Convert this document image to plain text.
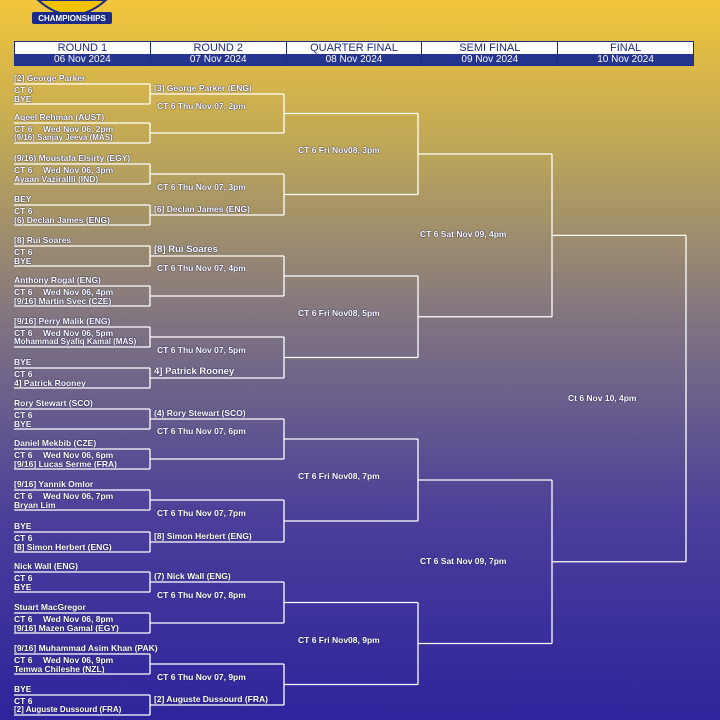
CHAMPIONSHIPS
ROUND 1
06 Nov 2024
ROUND 2
07 Nov 2024
QUARTER FINAL
08 Nov 2024
SEMI FINAL
09 Nov 2024
FINAL
10 Nov 2024
[2] George Parker
CT 6
BYE
Aqeel Rehman (AUST)
CT 6 Wed Nov 06, 2pm
(9/16) Sanjay Jeeva (MAS)
(9/16) Moustafa Elsirty (EGY)
CT 6 Wed Nov 06, 3pm
Ayaan Vazirallli (IND)
BEY
CT 6
(6) Declan James (ENG)
[8] Rui Soares
CT 6
BYE
Anthony Rogal (ENG)
CT 6 Wed Nov 06, 4pm
[9/16] Martin Svec (CZE)
[9/16] Perry Malik (ENG)
CT 6 Wed Nov 06, 5pm
Mohammad Syafiq Kamal (MAS)
BYE
CT 6
4] Patrick Rooney
Rory Stewart (SCO)
CT 6
BYE
Daniel Mekbib (CZE)
CT 6 Wed Nov 06, 6pm
[9/16] Lucas Serme (FRA)
[9/16] Yannik Omlor
CT 6 Wed Nov 06, 7pm
Bryan Lim
BYE
CT 6
[8] Simon Herbert (ENG)
Nick Wall (ENG)
CT 6
BYE
Stuart MacGregor
CT 6 Wed Nov 06, 8pm
[9/16] Mazen Gamal (EGY)
[9/16] Muhammad Asim Khan (PAK)
CT 6 Wed Nov 06, 9pm
Temwa Chileshe (NZL)
BYE
CT 6
[2] Auguste Dussourd (FRA)
[3] George Parker (ENG)
CT 6 Thu Nov 07, 2pm
CT 6 Thu Nov 07, 3pm
[6] Declan James (ENG)
[8] Rui Soares
CT 6 Thu Nov 07, 4pm
CT 6 Thu Nov 07, 5pm
4] Patrick Rooney
(4) Rory Stewart (SCO)
CT 6 Thu Nov 07, 6pm
CT 6 Thu Nov 07, 7pm
[8] Simon Herbert (ENG)
(7) Nick Wall (ENG)
CT 6 Thu Nov 07, 8pm
CT 6 Thu Nov 07, 9pm
[2] Auguste Dussourd (FRA)
CT 6 Fri Nov08, 3pm
CT 6 Fri Nov08, 5pm
CT 6 Fri Nov08, 7pm
CT 6 Fri Nov08, 9pm
CT 6 Sat Nov 09, 4pm
CT 6 Sat Nov 09, 7pm
Ct 6 Nov 10, 4pm
